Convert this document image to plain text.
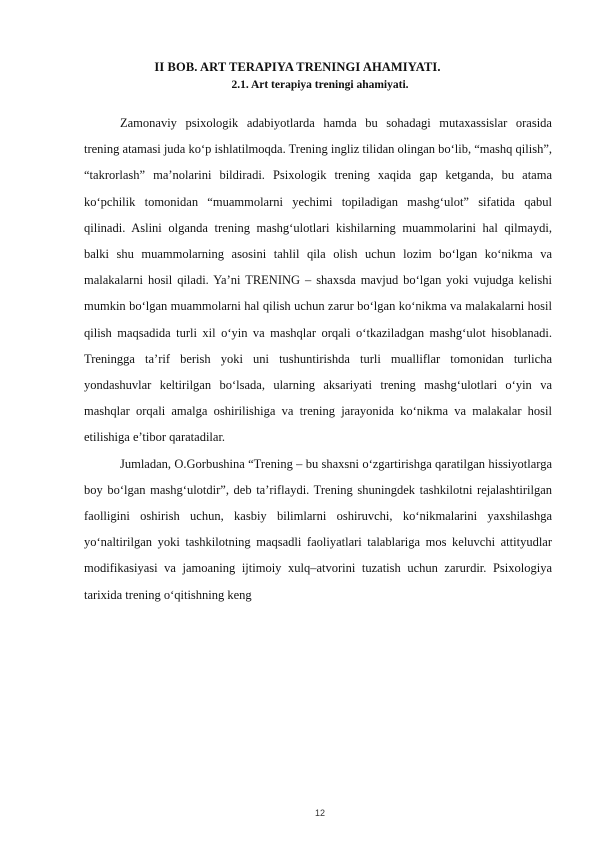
II BOB. ART TERAPIYA TRENINGI AHAMIYATI.
2.1. Art terapiya treningi ahamiyati.

Zamonaviy psixologik adabiyotlarda hamda bu sohadagi mutaxassislar orasida trening atamasi juda ko‘p ishlatilmoqda. Trening ingliz tilidan olingan bo‘lib, “mashq qilish”, “takrorlash” ma’nolarini bildiradi. Psixologik trening xaqida gap ketganda, bu atama ko‘pchilik tomonidan “muammolarni yechimi topiladigan mashg‘ulot” sifatida qabul qilinadi. Aslini olganda trening mashg‘ulotlari kishilarning muammolarini hal qilmaydi, balki shu muammolarning asosini tahlil qila olish uchun lozim bo‘lgan ko‘nikma va malakalarni hosil qiladi. Ya’ni TRENING – shaxsda mavjud bo‘lgan yoki vujudga kelishi mumkin bo‘lgan muammolarni hal qilish uchun zarur bo‘lgan ko‘nikma va malakalarni hosil qilish maqsadida turli xil o‘yin va mashqlar orqali o‘tkaziladgan mashg‘ulot hisoblanadi. Treningga ta’rif berish yoki uni tushuntirishda turli mualliflar tomonidan turlicha yondashuvlar keltirilgan bo‘lsada, ularning aksariyati trening mashg‘ulotlari o‘yin va mashqlar orqali amalga oshirilishiga va trening jarayonida ko‘nikma va malakalar hosil etilishiga e’tibor qaratadilar.

Jumladan, O.Gorbushina “Trening – bu shaxsni o‘zgartirishga qaratilgan hissiyotlarga boy bo‘lgan mashg‘ulotdir”, deb ta’riflaydi. Trening shuningdek tashkilotni rejalashtirilgan faolligini oshirish uchun, kasbiy bilimlarni oshiruvchi, ko‘nikmalarini yaxshilashga yo‘naltirilgan yoki tashkilotning maqsadli faoliyatlari talablariga mos keluvchi attityudlar modifikasiyasi va jamoaning ijtimoiy xulq–atvorini tuzatish uchun zarurdir. Psixologiya tarixida trening o‘qitishning keng

12
